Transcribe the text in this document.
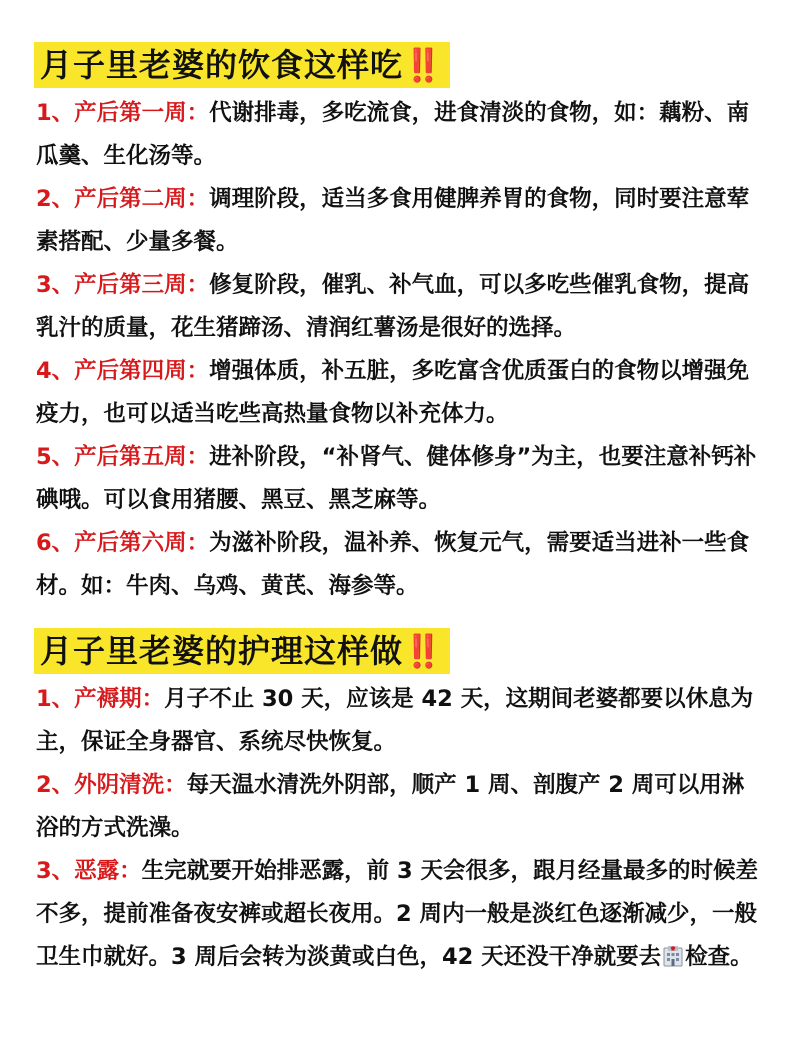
月子里老婆的饮食这样吃‼️
1、产后第一周：代谢排毒，多吃流食，进食清淡的食物，如：藕粉、南瓜羹、生化汤等。
2、产后第二周：调理阶段，适当多食用健脾养胃的食物，同时要注意荤素搭配、少量多餐。
3、产后第三周：修复阶段，催乳、补气血，可以多吃些催乳食物，提高乳汁的质量，花生猪蹄汤、清润红薯汤是很好的选择。
4、产后第四周：增强体质，补五脏，多吃富含优质蛋白的食物以增强免疫力，也可以适当吃些高热量食物以补充体力。
5、产后第五周：进补阶段，“补肾气、健体修身”为主，也要注意补钙补碘哦。可以食用猪腰、黑豆、黑芝麻等。
6、产后第六周：为滋补阶段，温补养、恢复元气，需要适当进补一些食材。如：牛肉、乌鸡、黄芪、海参等。
月子里老婆的护理这样做‼️
1、产褥期：月子不止 30 天，应该是 42 天，这期间老婆都要以休息为主，保证全身器官、系统尽快恢复。
2、外阴清洗：每天温水清洗外阴部，顺产 1 周、剖腹产 2 周可以用淋浴的方式洗澡。
3、恶露：生完就要开始排恶露，前 3 天会很多，跟月经量最多的时候差不多，提前准备夜安裤或超长夜用。2 周内一般是淡红色逐渐减少，一般卫生巾就好。3 周后会转为淡黄或白色，42 天还没干净就要去 检查。
